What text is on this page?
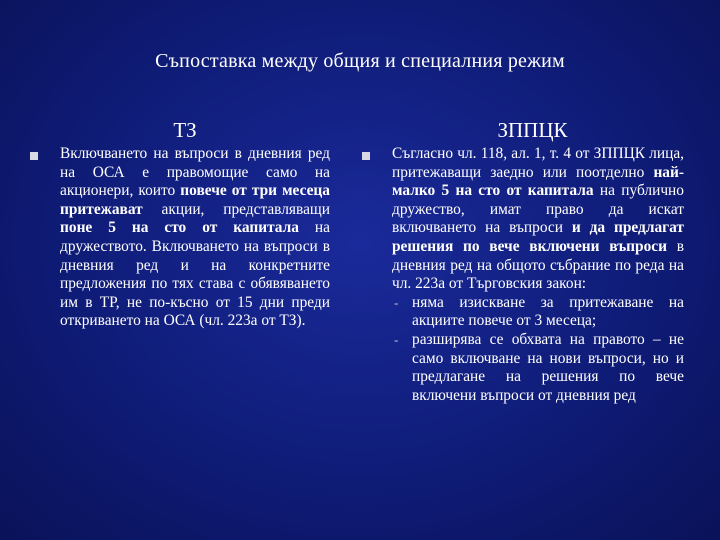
Съпоставка между общия и специалния режим
ТЗ	ЗППЦК
Включването на въпроси в дневния ред на ОСА е правомощие само на акционери, които повече от три месеца притежават акции, представляващи поне 5 на сто от капитала на дружеството. Включването на въпроси в дневния ред и на конкретните предложения по тях става с обявяването им в ТР, не по-късно от 15 дни преди откриването на ОСА (чл. 223а от ТЗ).
Съгласно чл. 118, ал. 1, т. 4 от ЗППЦК лица, притежаващи заедно или поотделно най-малко 5 на сто от капитала на публично дружество, имат право да искат включването на въпроси и да предлагат решения по вече включени въпроси в дневния ред на общото събрание по реда на чл. 223а от Търговския закон:
- няма изискване за притежаване на акциите повече от 3 месеца;
- разширява се обхвата на правото – не само включване на нови въпроси, но и предлагане на решения по вече включени въпроси от дневния ред
